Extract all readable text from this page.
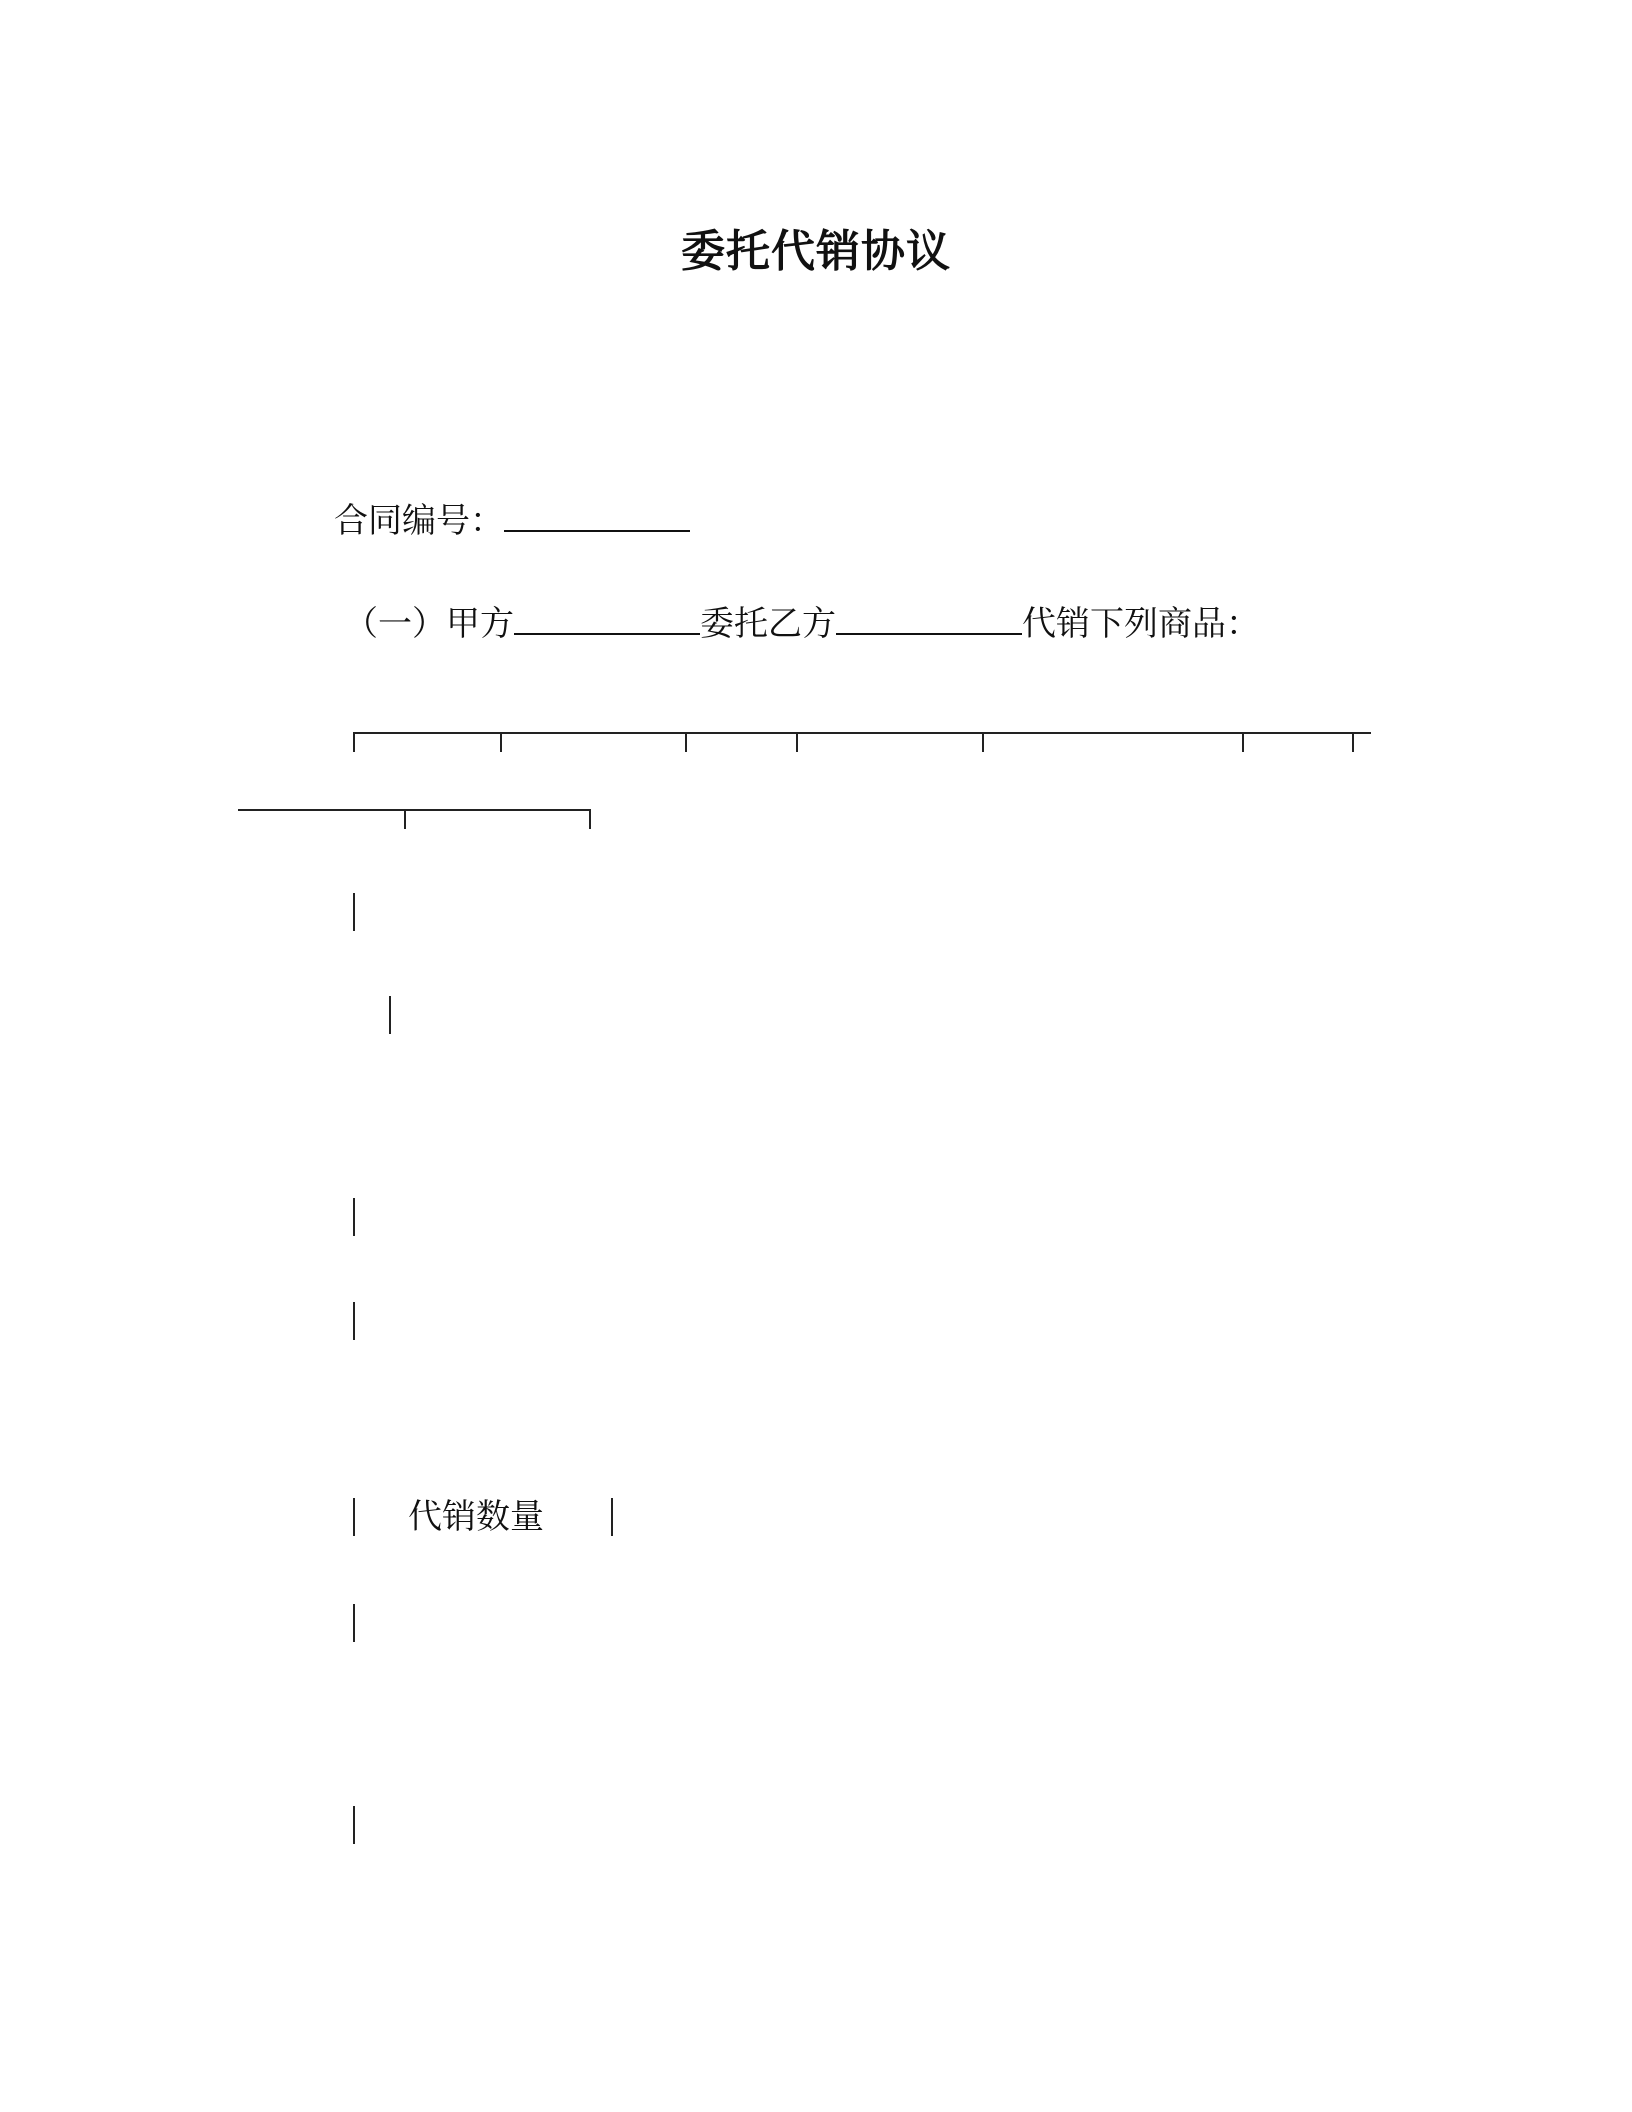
委托代销协议
合同编号：
（一）甲方	委托乙方	代销下列商品：
代销数量
